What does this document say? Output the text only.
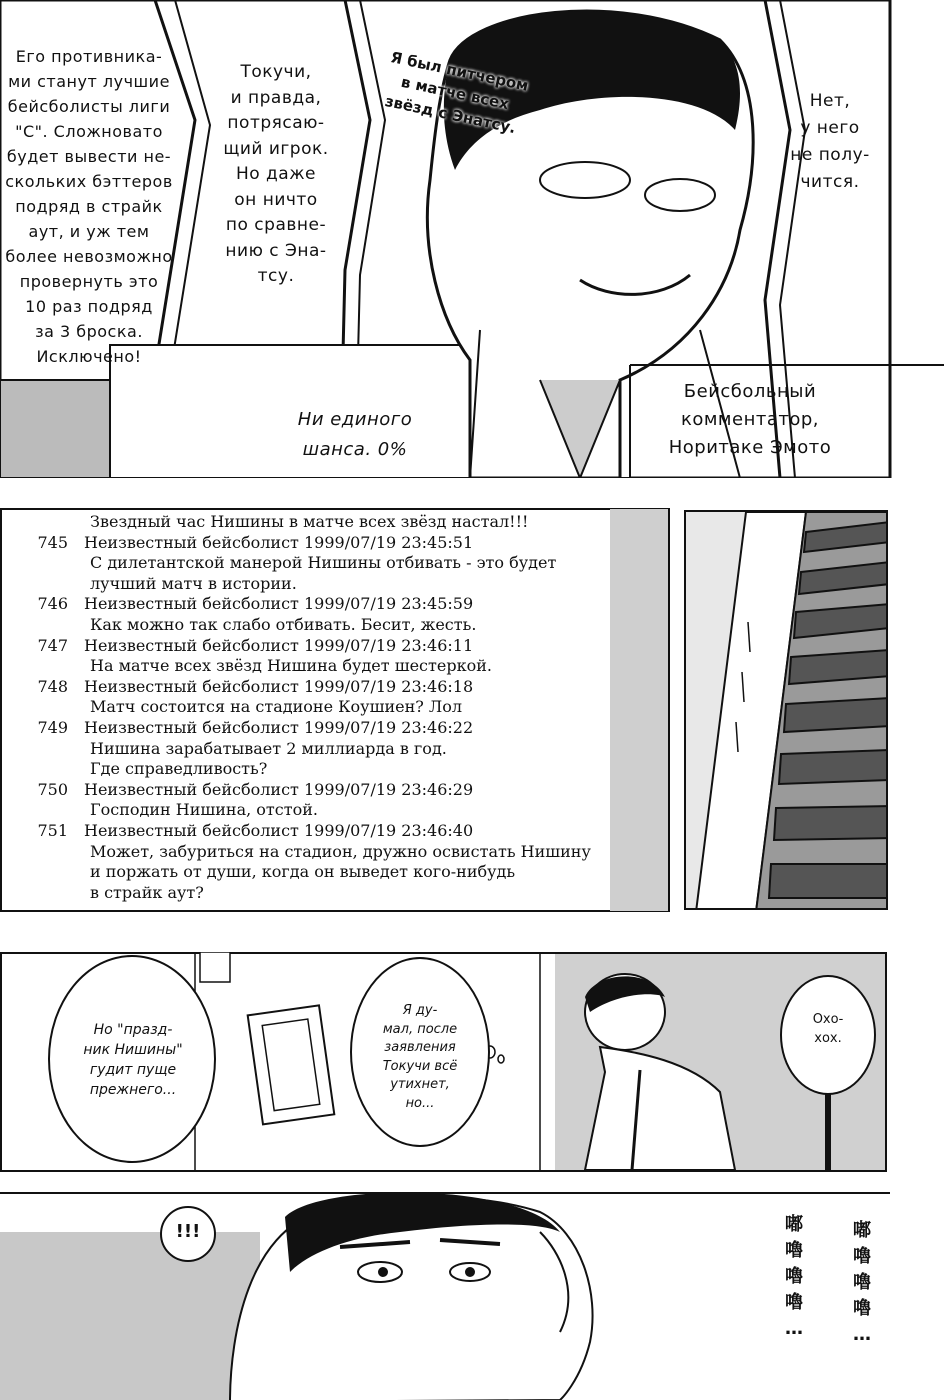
Его противника-
ми станут лучшие
бейсболисты лиги
"С". Сложновато
будет вывести не-
скольких бэттеров
подряд в страйк
аут, и уж тем
более невозможно
провернуть это
10 раз подряд
за 3 броска.
Исключено!
Токучи,
и правда,
потрясаю-
щий игрок.
Но даже
он ничто
по сравне-
нию с Эна-
тсу.
Я был питчером
в матче всех
звёзд с Энатсу.	Нет,
у него
не полу-
чится.
Ни единого
шанса. 0%
Бейсбольный
комментатор,
Норитаке Эмото
Звездный час Нишины в матче всех звёзд настал!!!
745	Неизвестный бейсболист 1999/07/19 23:45:51
С дилетантской манерой Нишины отбивать - это будет
лучший матч в истории.
746	Неизвестный бейсболист 1999/07/19 23:45:59
Как можно так слабо отбивать. Бесит, жесть.
747	Неизвестный бейсболист 1999/07/19 23:46:11
На матче всех звёзд Нишина будет шестеркой.
748	Неизвестный бейсболист 1999/07/19 23:46:18
Матч состоится на стадионе Коушиен? Лол
749	Неизвестный бейсболист 1999/07/19 23:46:22
Нишина зарабатывает 2 миллиарда в год.
Где справедливость?
750	Неизвестный бейсболист 1999/07/19 23:46:29
Господин Нишина, отстой.
751	Неизвестный бейсболист 1999/07/19 23:46:40
Может, забуриться на стадион, дружно освистать Нишину
и поржать от души, когда он выведет кого-нибудь
в страйк аут?
Но "празд-
ник Нишины"
гудит пуще
прежнего...
Я ду-
мал, после
заявления
Токучи всё
утихнет,
но...
Охо-
хох.
!!!	嘟
嚕
嚕
嚕
…
嘟
嚕
嚕
嚕
…
